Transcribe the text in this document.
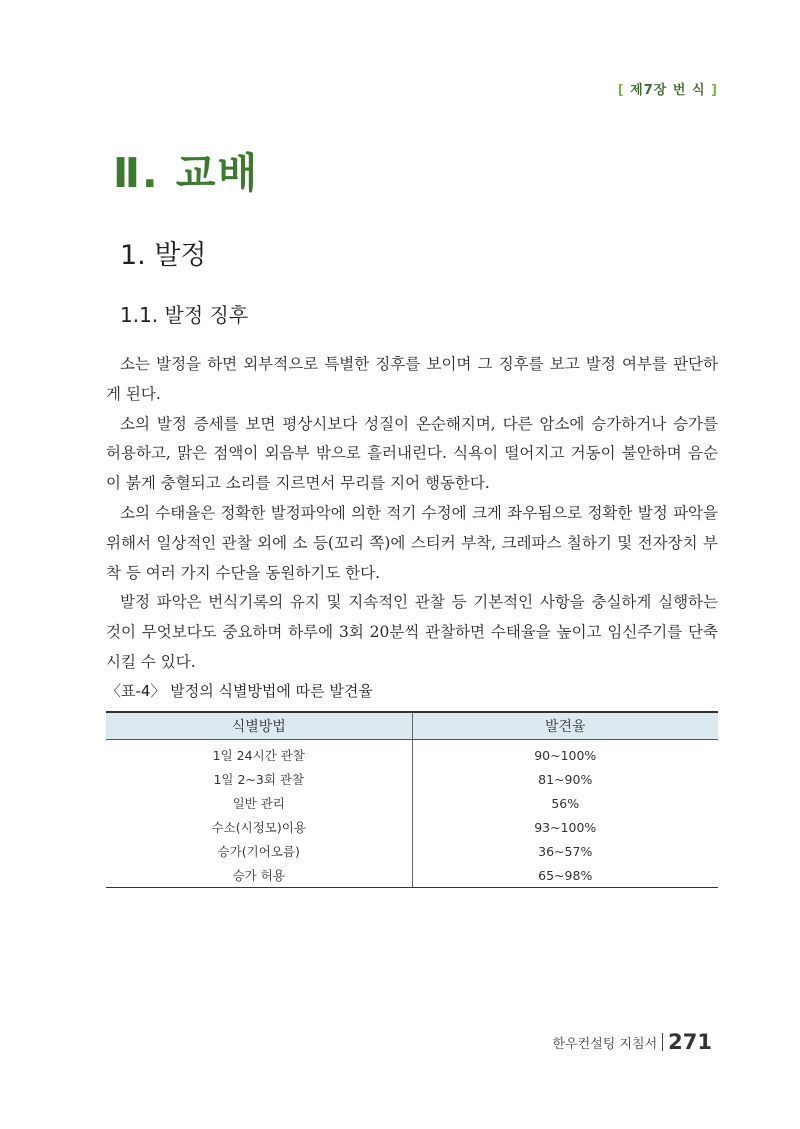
[ 제7장 번 식 ]
Ⅱ. 교배
1. 발정
1.1. 발정 징후

소는 발정을 하면 외부적으로 특별한 징후를 보이며 그 징후를 보고 발정 여부를 판단하게 된다.

소의 발정 증세를 보면 평상시보다 성질이 온순해지며, 다른 암소에 승가하거나 승가를 허용하고, 맑은 점액이 외음부 밖으로 흘러내린다. 식욕이 떨어지고 거동이 불안하며 음순이 붉게 충혈되고 소리를 지르면서 무리를 지어 행동한다.

소의 수태율은 정확한 발정파악에 의한 적기 수정에 크게 좌우됨으로 정확한 발정 파악을 위해서 일상적인 관찰 외에 소 등(꼬리 쪽)에 스티커 부착, 크레파스 칠하기 및 전자장치 부착 등 여러 가지 수단을 동원하기도 한다.

발정 파악은 번식기록의 유지 및 지속적인 관찰 등 기본적인 사항을 충실하게 실행하는 것이 무엇보다도 중요하며 하루에 3회 20분씩 관찰하면 수태율을 높이고 임신주기를 단축시킬 수 있다.

〈표-4〉 발정의 식별방법에 따른 발견율
식별방법	발견율
1일 24시간 관찰	90~100%
1일 2~3회 관찰	81~90%
일반 관리	56%
수소(시정모)이용	93~100%
승가(기어오름)	36~57%
승가 허용	65~98%
한우컨설팅 지침서 271
